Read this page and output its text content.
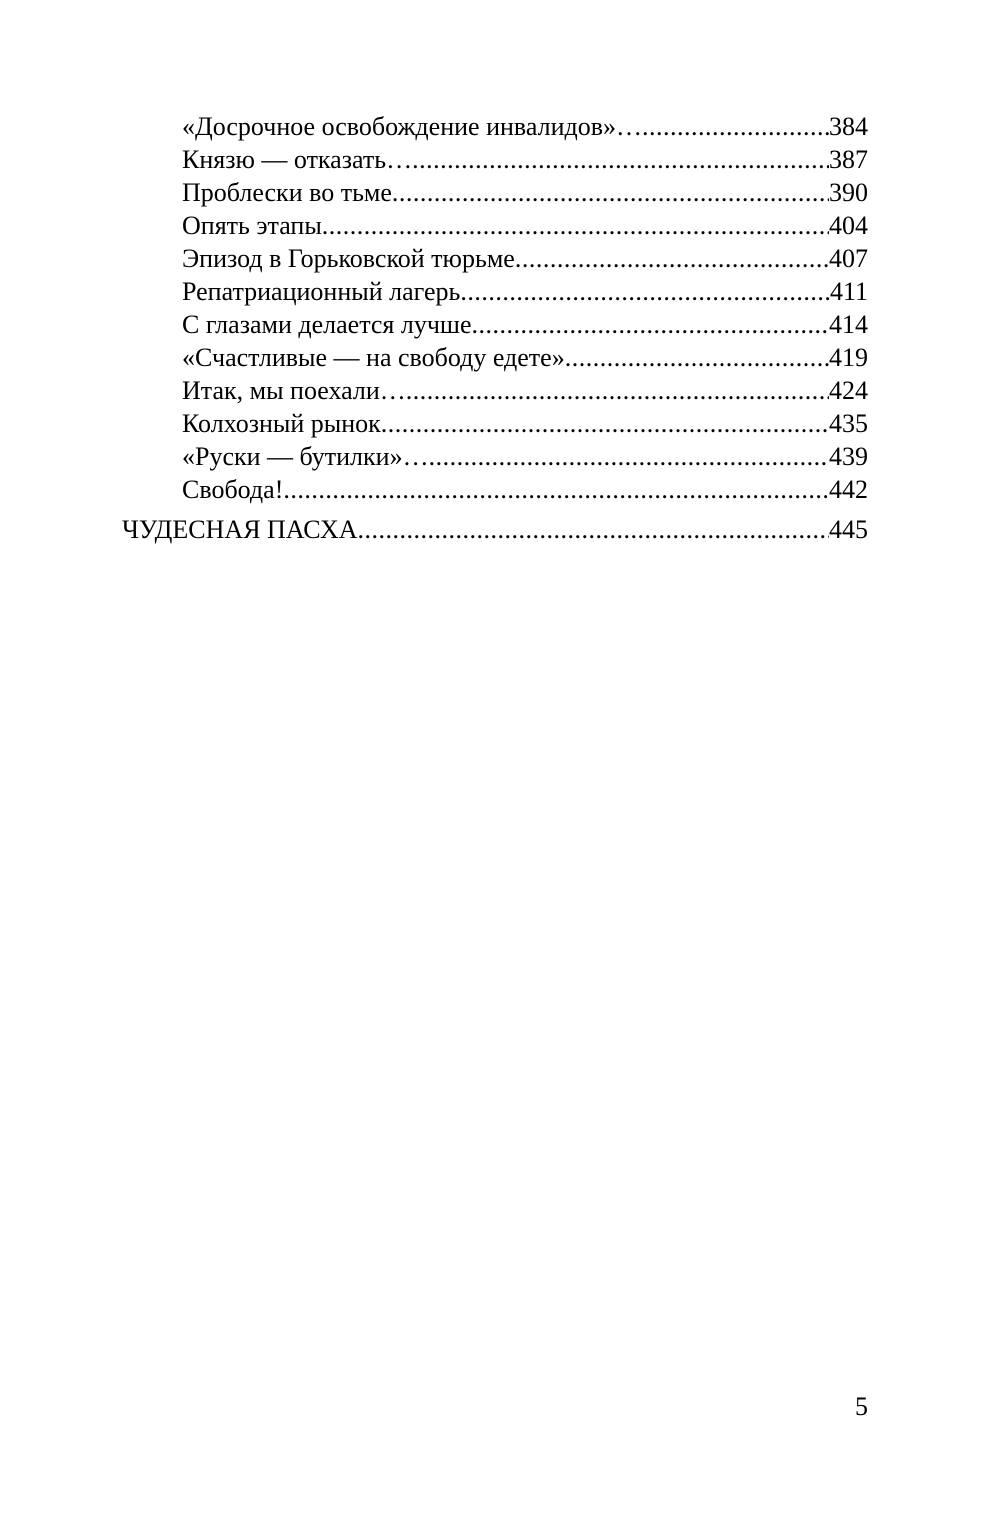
«Досрочное освобождение инвалидов»… .....	384
Князю — отказать… .....	387
Проблески во тьме .....	390
Опять этапы .....	404
Эпизод в Горьковской тюрьме .....	407
Репатриационный лагерь .....	411
С глазами делается лучше .....	414
«Счастливые — на свободу едете» .....	419
Итак, мы поехали… .....	424
Колхозный рынок .....	435
«Руски — бутилки»… .....	439
Свобода! .....	442
ЧУДЕСНАЯ ПАСХА .....	445
5
